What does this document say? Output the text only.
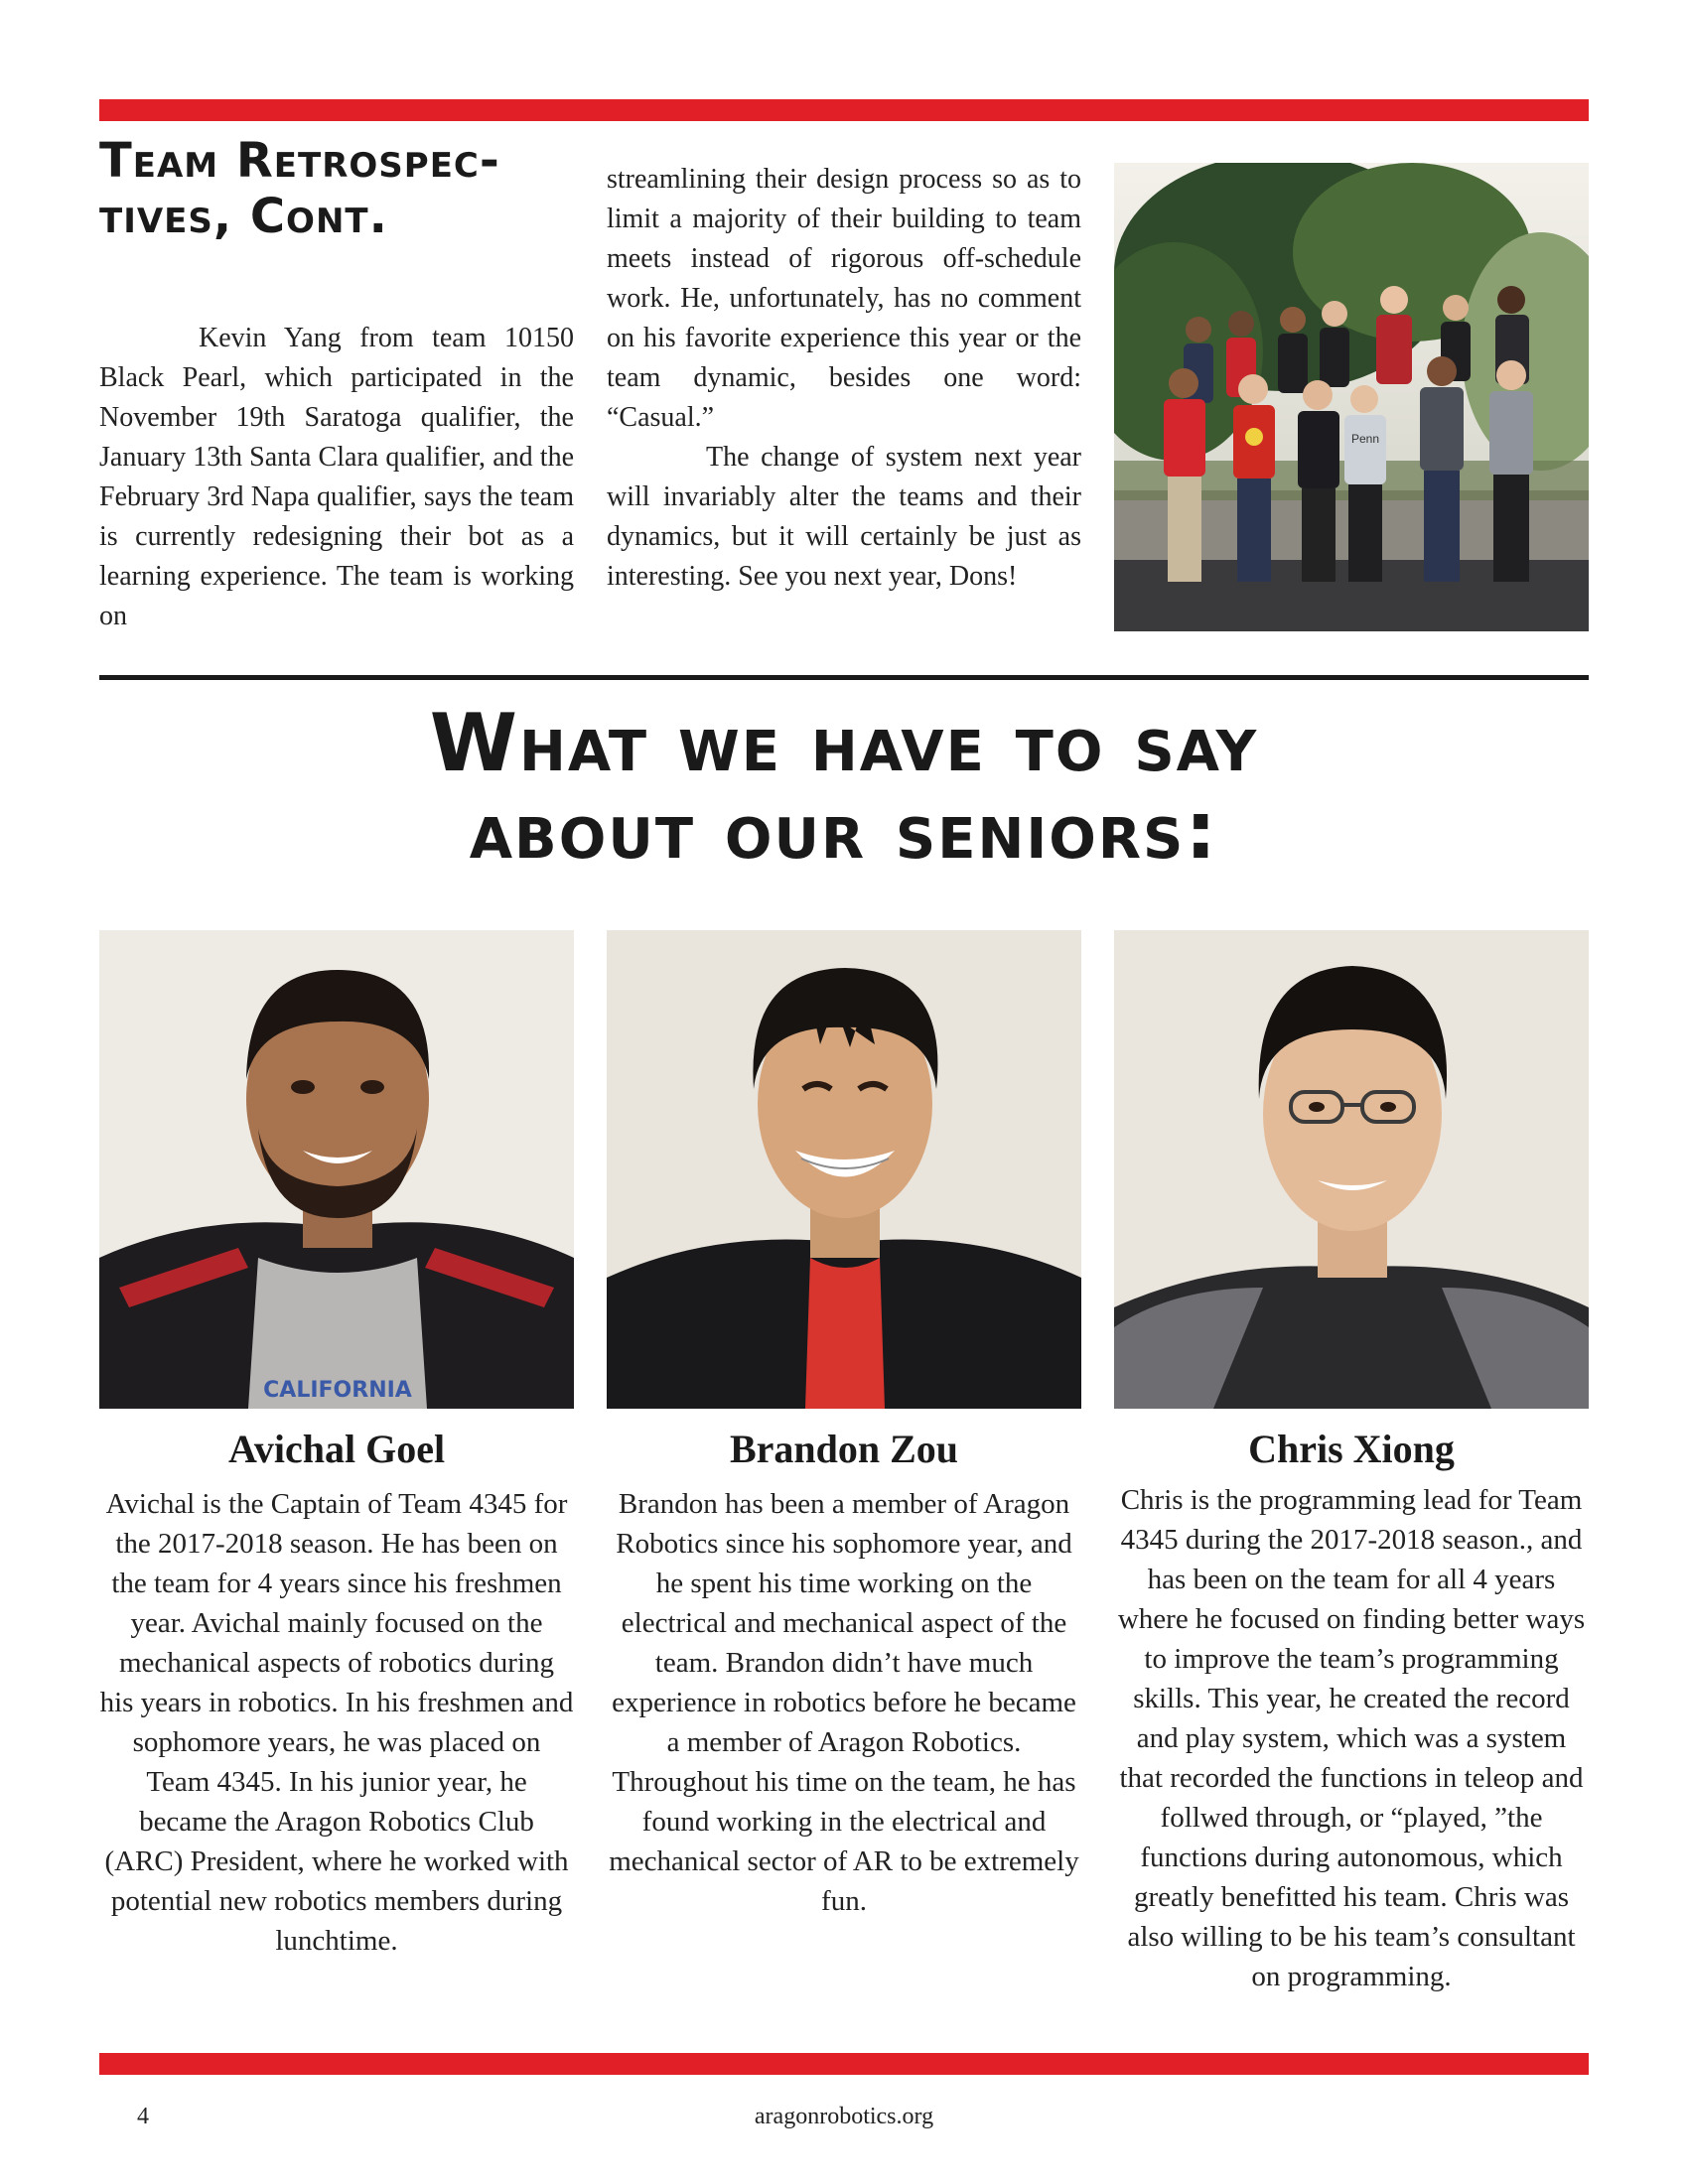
Team Retrospec- tives, Cont.

Kevin Yang from team 10150 Black Pearl, which participated in the November 19th Saratoga qualifier, the January 13th Santa Clara qualifier, and the February 3rd Napa qualifier, says the team is currently redesigning their bot as a learning experience. The team is working on

streamlining their design process so as to limit a majority of their building to team meets instead of rigorous off-schedule work. He, unfortunately, has no comment on his favorite experience this year or the team dynamic, besides one word: “Casual.”

The change of system next year will invariably alter the teams and their dynamics, but it will certainly be just as interesting. See you next year, Dons!

Penn
What we have to say
about our seniors:
CALIFORNIA
Avichal Goel
Avichal is the Captain of Team 4345 for the 2017-2018 season. He has been on the team for 4 years since his freshmen year. Avichal mainly focused on the mechanical aspects of robotics during his years in robotics. In his freshmen and sophomore years, he was placed on Team 4345. In his junior year, he became the Aragon Robotics Club (ARC) President, where he worked with potential new robotics members during lunchtime.
Brandon Zou
Brandon has been a member of Aragon Robotics since his sophomore year, and he spent his time working on the electrical and mechanical aspect of the team. Brandon didn’t have much experience in robotics before he became a member of Aragon Robotics. Throughout his time on the team, he has found working in the electrical and mechanical sector of AR to be extremely fun.
Chris Xiong
Chris is the programming lead for Team 4345 during the 2017-2018 season., and has been on the team for all 4 years where he focused on finding better ways to improve the team’s programming skills. This year, he created the record and play system, which was a system that recorded the functions in teleop and follwed through, or “played, ”the functions during autonomous, which greatly benefitted his team. Chris was also willing to be his team’s consultant on programming.
4	aragonrobotics.org
